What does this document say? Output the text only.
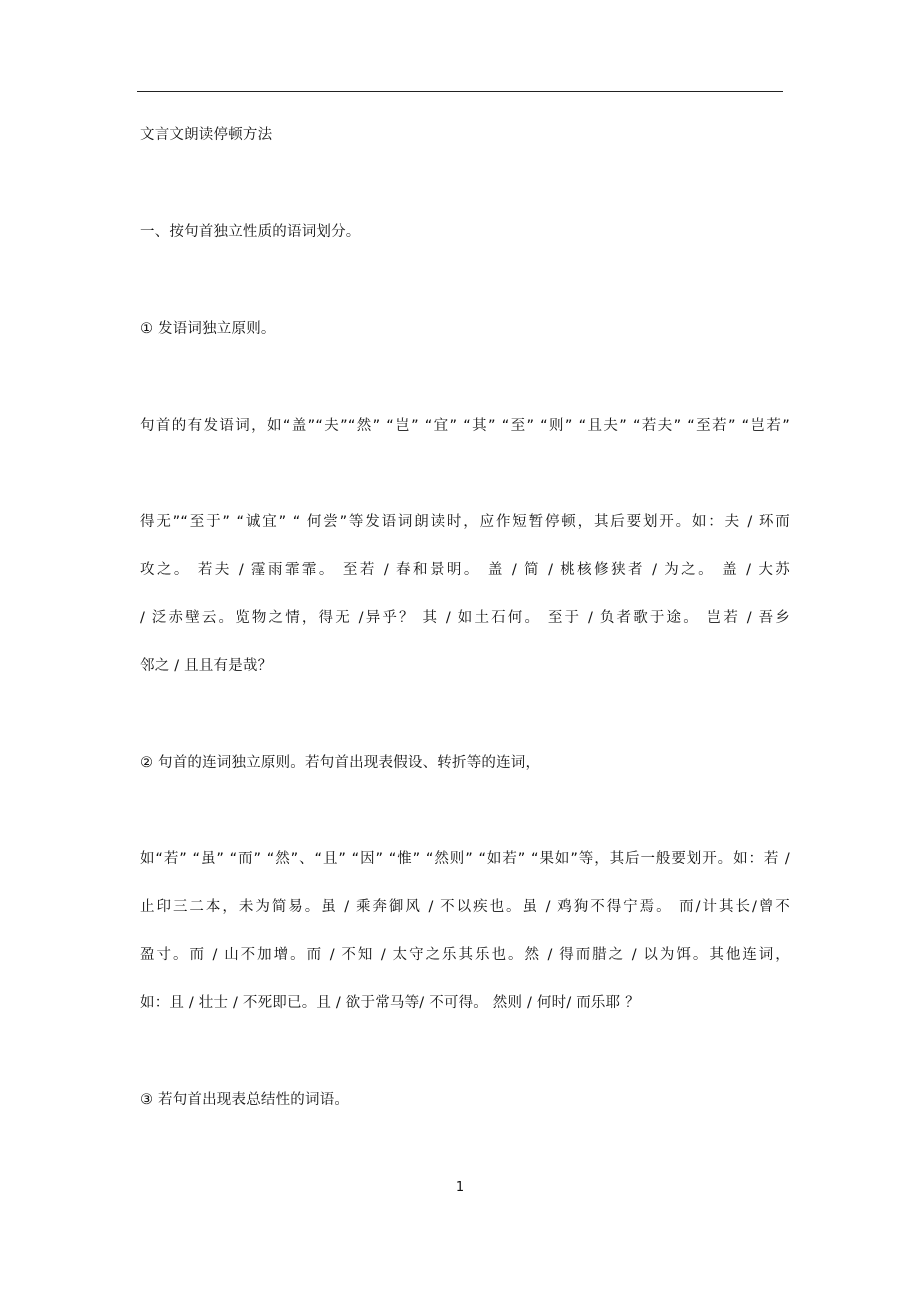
文言文朗读停顿方法
一、按句首独立性质的语词划分。
① 发语词独立原则。
句首的有发语词，如“盖”“夫”“然” “岂” “宜” “其” “至” “则” “且夫” “若夫” “至若” “岂若”
得无”“至于” “诚宜” “ 何尝”等发语词朗读时，应作短暂停顿，其后要划开。如：夫 / 环而
攻之。 若夫 / 霪雨霏霏。 至若 / 春和景明。 盖 / 简 / 桃核修狭者 / 为之。 盖 / 大苏
/ 泛赤壁云。览物之情，得无 /异乎？ 其 / 如土石何。 至于 / 负者歌于途。 岂若 / 吾乡
邻之 / 且且有是哉？
② 句首的连词独立原则。若句首出现表假设、转折等的连词，
如“若” “虽” “而” “然”、“且” “因” “惟” “然则” “如若” “果如”等，其后一般要划开。如：若 /
止印三二本，未为简易。虽 / 乘奔御风 / 不以疾也。虽 / 鸡狗不得宁焉。 而/计其长/曾不
盈寸。而 / 山不加增。而 / 不知 / 太守之乐其乐也。然 / 得而腊之 / 以为饵。其他连词，
如：且 / 壮士 / 不死即已。且 / 欲于常马等/ 不可得。 然则 / 何时/ 而乐耶 ？
③ 若句首出现表总结性的词语。
1
